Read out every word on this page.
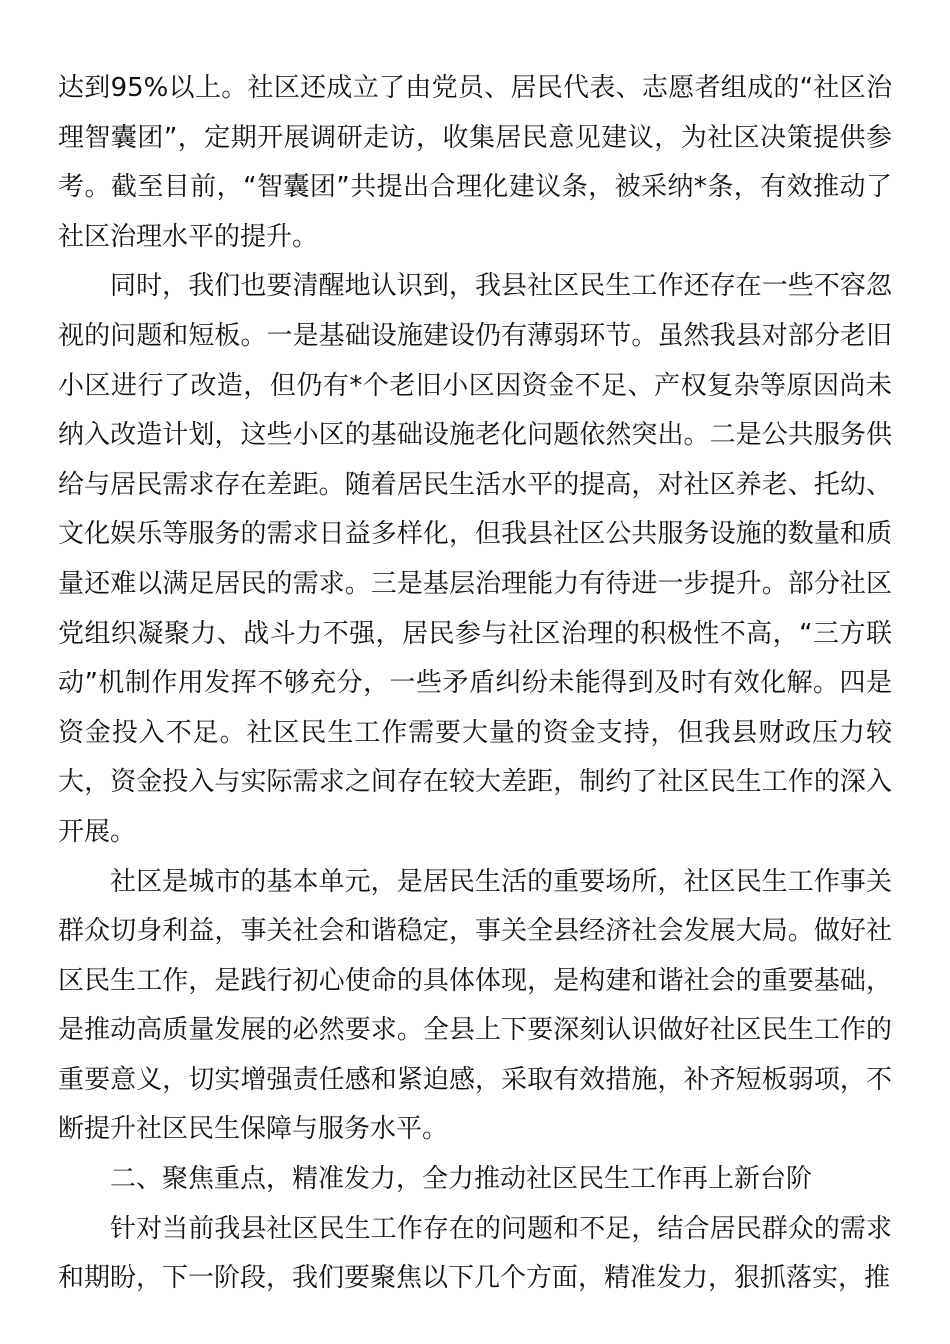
达到95%以上。社区还成立了由党员、居民代表、志愿者组成的“社区治理智囊团”，定期开展调研走访，收集居民意见建议，为社区决策提供参考。截至目前，“智囊团”共提出合理化建议条，被采纳*条，有效推动了社区治理水平的提升。

同时，我们也要清醒地认识到，我县社区民生工作还存在一些不容忽视的问题和短板。一是基础设施建设仍有薄弱环节。虽然我县对部分老旧小区进行了改造，但仍有*个老旧小区因资金不足、产权复杂等原因尚未纳入改造计划，这些小区的基础设施老化问题依然突出。二是公共服务供给与居民需求存在差距。随着居民生活水平的提高，对社区养老、托幼、文化娱乐等服务的需求日益多样化，但我县社区公共服务设施的数量和质量还难以满足居民的需求。三是基层治理能力有待进一步提升。部分社区党组织凝聚力、战斗力不强，居民参与社区治理的积极性不高，“三方联动”机制作用发挥不够充分，一些矛盾纠纷未能得到及时有效化解。四是资金投入不足。社区民生工作需要大量的资金支持，但我县财政压力较大，资金投入与实际需求之间存在较大差距，制约了社区民生工作的深入开展。

社区是城市的基本单元，是居民生活的重要场所，社区民生工作事关群众切身利益，事关社会和谐稳定，事关全县经济社会发展大局。做好社区民生工作，是践行初心使命的具体体现，是构建和谐社会的重要基础，是推动高质量发展的必然要求。全县上下要深刻认识做好社区民生工作的重要意义，切实增强责任感和紧迫感，采取有效措施，补齐短板弱项，不断提升社区民生保障与服务水平。

二、聚焦重点，精准发力，全力推动社区民生工作再上新台阶

针对当前我县社区民生工作存在的问题和不足，结合居民群众的需求和期盼，下一阶段，我们要聚焦以下几个方面，精准发力，狠抓落实，推
